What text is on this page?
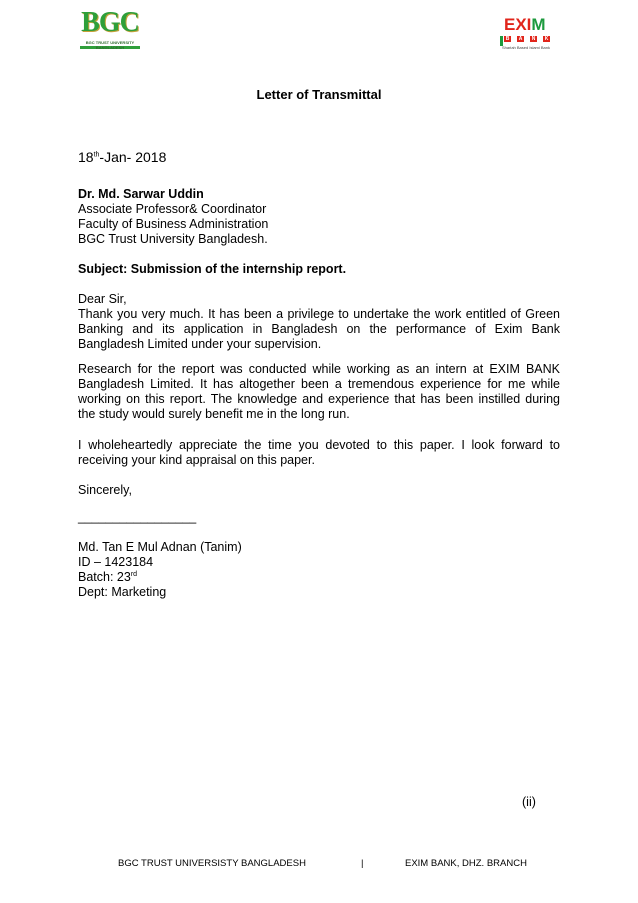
BGC
BGC TRUST UNIVERSITY BANGLADESH
EXIM
B	A	N	K
Shariah Based Islami Bank
Letter of Transmittal
18th-Jan- 2018
Dr. Md. Sarwar Uddin
Associate Professor& Coordinator
Faculty of Business Administration
BGC Trust University Bangladesh.
Subject: Submission of the internship report.
Dear Sir,
Thank you very much. It has been a privilege to undertake the work entitled of Green Banking and its application in Bangladesh on the performance of Exim Bank Bangladesh Limited under your supervision.
Research for the report was conducted while working as an intern at EXIM BANK Bangladesh Limited. It has altogether been a tremendous experience for me while working on this report. The knowledge and experience that has been instilled during the study would surely benefit me in the long run.
I wholeheartedly appreciate the time you devoted to this paper. I look forward to receiving your kind appraisal on this paper.
Sincerely,
_________________
Md. Tan E Mul Adnan (Tanim)
ID – 1423184
Batch: 23rd
Dept: Marketing
(ii)
BGC TRUST UNIVERSISTY BANGLADESH	|	EXIM BANK, DHZ. BRANCH
